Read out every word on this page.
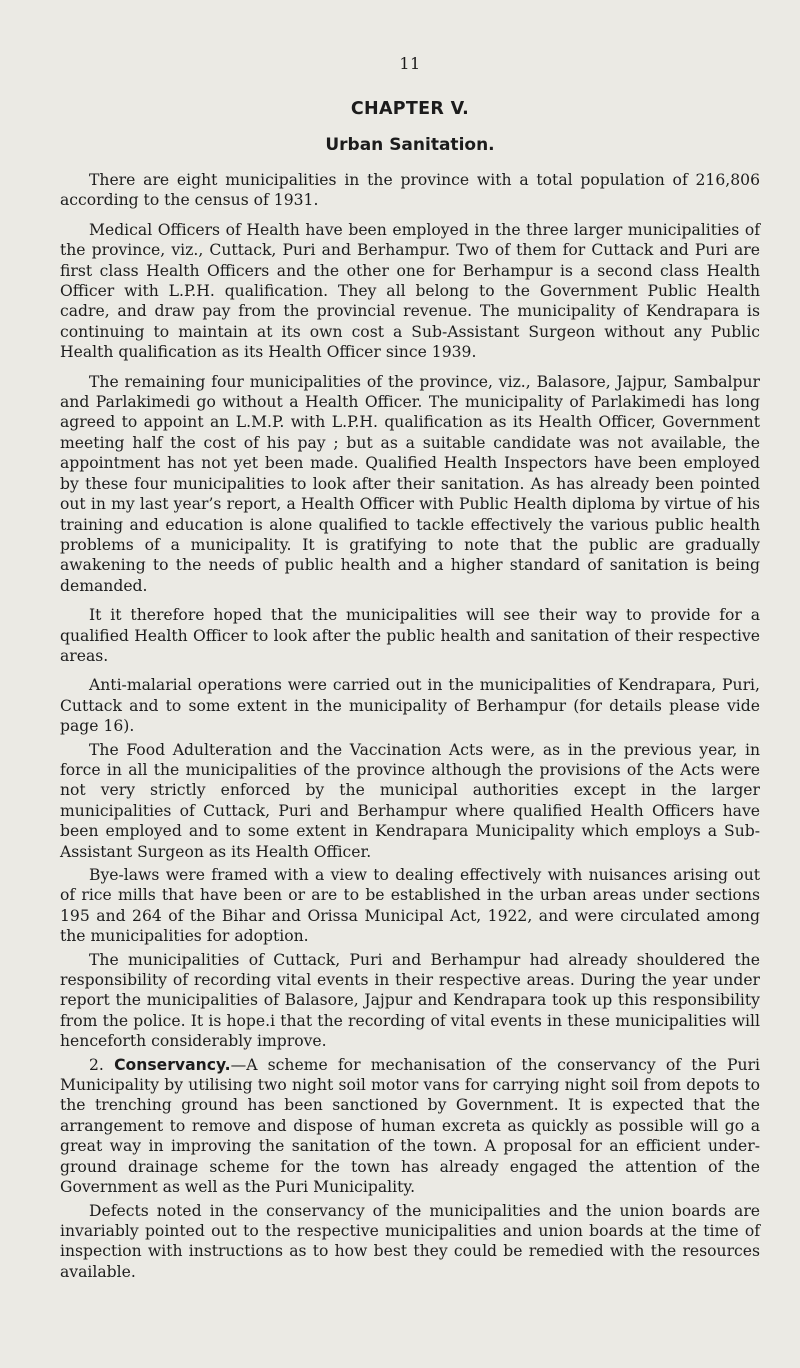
11
CHAPTER V.
Urban Sanitation.

There are eight municipalities in the province with a total population of 216,806 according to the census of 1931.

Medical Officers of Health have been employed in the three larger municipalities of the province, viz., Cuttack, Puri and Berhampur. Two of them for Cuttack and Puri are first class Health Officers and the other one for Berhampur is a second class Health Officer with L.P.H. qualification. They all belong to the Government Public Health cadre, and draw pay from the provincial revenue. The municipality of Kendrapara is continuing to maintain at its own cost a Sub-Assistant Surgeon without any Public Health qualification as its Health Officer since 1939.

The remaining four municipalities of the province, viz., Balasore, Jajpur, Sambalpur and Parlakimedi go without a Health Officer. The municipality of Parlakimedi has long agreed to appoint an L.M.P. with L.P.H. qualification as its Health Officer, Government meeting half the cost of his pay ; but as a suitable candidate was not available, the appointment has not yet been made. Qualified Health Inspectors have been employed by these four municipalities to look after their sanitation. As has already been pointed out in my last year’s report, a Health Officer with Public Health diploma by virtue of his training and education is alone qualified to tackle effectively the various public health problems of a municipality. It is gratifying to note that the public are gradually awakening to the needs of public health and a higher standard of sanitation is being demanded.

It it therefore hoped that the municipalities will see their way to provide for a qualified Health Officer to look after the public health and sanitation of their respective areas.

Anti-malarial operations were carried out in the municipalities of Kendrapara, Puri, Cuttack and to some extent in the municipality of Berhampur (for details please vide page 16).

The Food Adulteration and the Vaccination Acts were, as in the previous year, in force in all the municipalities of the province although the provisions of the Acts were not very strictly enforced by the municipal authorities except in the larger municipalities of Cuttack, Puri and Berhampur where qualified Health Officers have been employed and to some extent in Kendrapara Municipality which employs a Sub-Assistant Surgeon as its Health Officer.

Bye-laws were framed with a view to dealing effectively with nuisances arising out of rice mills that have been or are to be established in the urban areas under sections 195 and 264 of the Bihar and Orissa Municipal Act, 1922, and were circulated among the municipalities for adoption.

The municipalities of Cuttack, Puri and Berhampur had already shouldered the responsibility of recording vital events in their respective areas. During the year under report the municipalities of Balasore, Jajpur and Kendrapara took up this responsibility from the police. It is hope.i that the recording of vital events in these municipalities will henceforth considerably improve.

2. Conservancy.—A scheme for mechanisation of the conservancy of the Puri Municipality by utilising two night soil motor vans for carrying night soil from depots to the trenching ground has been sanctioned by Government. It is expected that the arrangement to remove and dispose of human excreta as quickly as possible will go a great way in improving the sanitation of the town. A proposal for an efficient under-ground drainage scheme for the town has already engaged the attention of the Government as well as the Puri Municipality.

Defects noted in the conservancy of the municipalities and the union boards are invariably pointed out to the respective municipalities and union boards at the time of inspection with instructions as to how best they could be remedied with the resources available.
